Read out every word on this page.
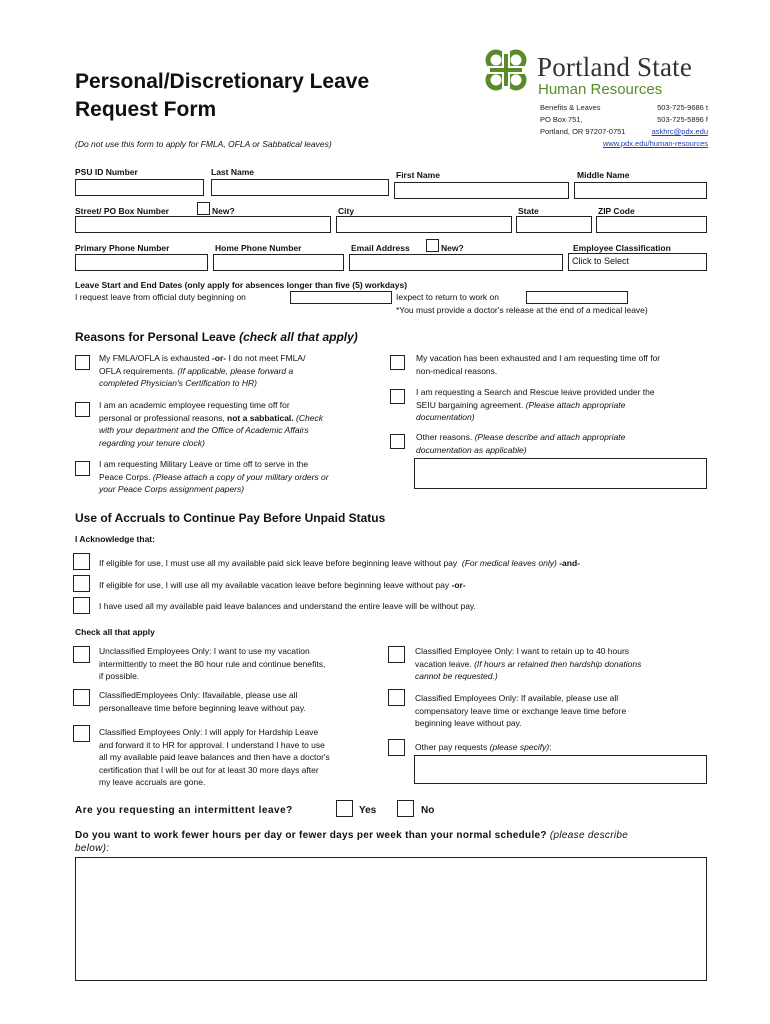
Personal/Discretionary Leave
Request Form
(Do not use this form to apply for FMLA, OFLA or Sabbatical leaves)
Portland State
Human Resources
Benefits & Leaves
PO Box 751,
Portland, OR 97207-0751
503-725-9686 t
503-725-5896 f
askhrc@pdx.edu
www.pdx.edu/human-resources
PSU ID Number	Last Name	First Name	Middle Name
Street/ PO Box Number	New?	City	State	ZIP Code
Primary Phone Number	Home Phone Number	Email Address	New?	Employee Classification
Click to Select
Leave Start and End Dates (only apply for absences longer than five (5) workdays)
I request leave from official duty beginning on	Iexpect to return to work on
*You must provide a doctor's release at the end of a medical leave)
Reasons for Personal Leave (check all that apply)
My FMLA/OFLA is exhausted -or- I do not meet FMLA/
OFLA requirements. (If applicable, please forward a
completed Physician's Certification to HR)
I am an academic employee requesting time off for
personal or professional reasons, not a sabbatical. (Check
with your department and the Office of Academic Affairs
regarding your tenure clock)
I am requesting Military Leave or time off to serve in the
Peace Corps. (Please attach a copy of your military orders or
your Peace Corps assignment papers)
My vacation has been exhausted and I am requesting time off for
non-medical reasons.
I am requesting a Search and Rescue leave provided under the
SEIU bargaining agreement. (Please attach appropriate
documentation)
Other reasons. (Please describe and attach appropriate
documentation as applicable)
Use of Accruals to Continue Pay Before Unpaid Status
I Acknowledge that:
If eligible for use, I must use all my available paid sick leave before beginning leave without pay (For medical leaves only) -and-
If eligible for use, I will use all my available vacation leave before beginning leave without pay -or-
I have used all my available paid leave balances and understand the entire leave will be without pay.
Check all that apply
Unclassified Employees Only: I want to use my vacation
intermittently to meet the 80 hour rule and continue benefits,
if possible.
ClassifiedEmployees Only: Ifavailable, please use all
personalleave time before beginning leave without pay.
Classified Employees Only: I will apply for Hardship Leave
and forward it to HR for approval. I understand I have to use
all my available paid leave balances and then have a doctor's
certification that I will be out for at least 30 more days after
my leave accruals are gone.
Classified Employee Only: I want to retain up to 40 hours
vacation leave. (If hours ar retained then hardship donations
cannot be requested.)
Classified Employees Only: If available, please use all
compensatory leave time or exchange leave time before
beginning leave without pay.
Other pay requests (please specify):
Are you requesting an intermittent leave?	Yes	No
Do you want to work fewer hours per day or fewer days per week than your normal schedule? (please describe
below):
